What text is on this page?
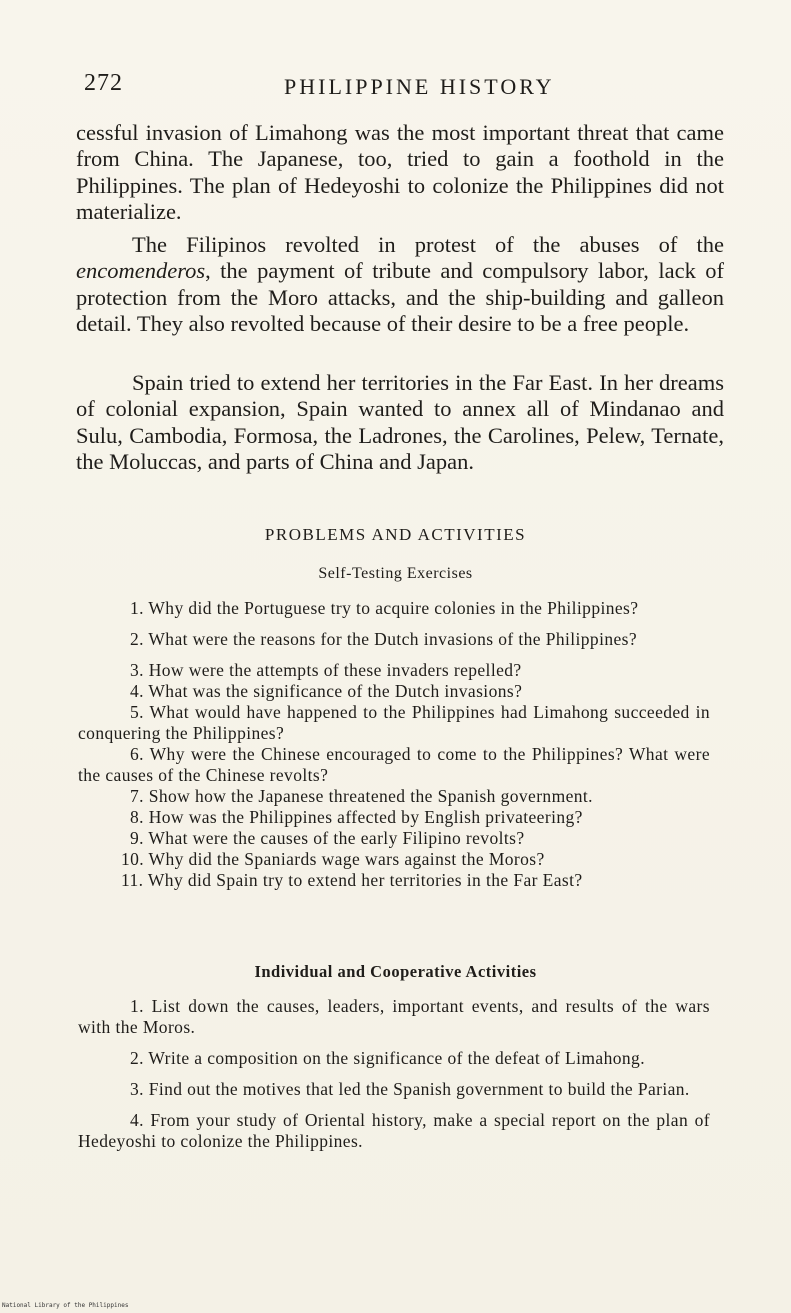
272	PHILIPPINE HISTORY

cessful invasion of Limahong was the most important threat that came from China. The Japanese, too, tried to gain a foothold in the Philippines. The plan of Hedeyoshi to colonize the Philippines did not materialize.

The Filipinos revolted in protest of the abuses of the encomenderos, the payment of tribute and compulsory labor, lack of protection from the Moro attacks, and the ship-building and galleon detail. They also revolted because of their desire to be a free people.

Spain tried to extend her territories in the Far East. In her dreams of colonial expansion, Spain wanted to annex all of Mindanao and Sulu, Cambodia, Formosa, the Ladrones, the Carolines, Pelew, Ternate, the Moluccas, and parts of China and Japan.

PROBLEMS AND ACTIVITIES
Self-Testing Exercises

1. Why did the Portuguese try to acquire colonies in the Philippines?

2. What were the reasons for the Dutch invasions of the Philippines?

3. How were the attempts of these invaders repelled?

4. What was the significance of the Dutch invasions?

5. What would have happened to the Philippines had Limahong succeeded in conquering the Philippines?

6. Why were the Chinese encouraged to come to the Philippines? What were the causes of the Chinese revolts?

7. Show how the Japanese threatened the Spanish government.

8. How was the Philippines affected by English privateering?

9. What were the causes of the early Filipino revolts?

10. Why did the Spaniards wage wars against the Moros?

11. Why did Spain try to extend her territories in the Far East?

Individual and Cooperative Activities

1. List down the causes, leaders, important events, and results of the wars with the Moros.

2. Write a composition on the significance of the defeat of Limahong.

3. Find out the motives that led the Spanish government to build the Parian.

4. From your study of Oriental history, make a special report on the plan of Hedeyoshi to colonize the Philippines.

National Library of the Philippines
